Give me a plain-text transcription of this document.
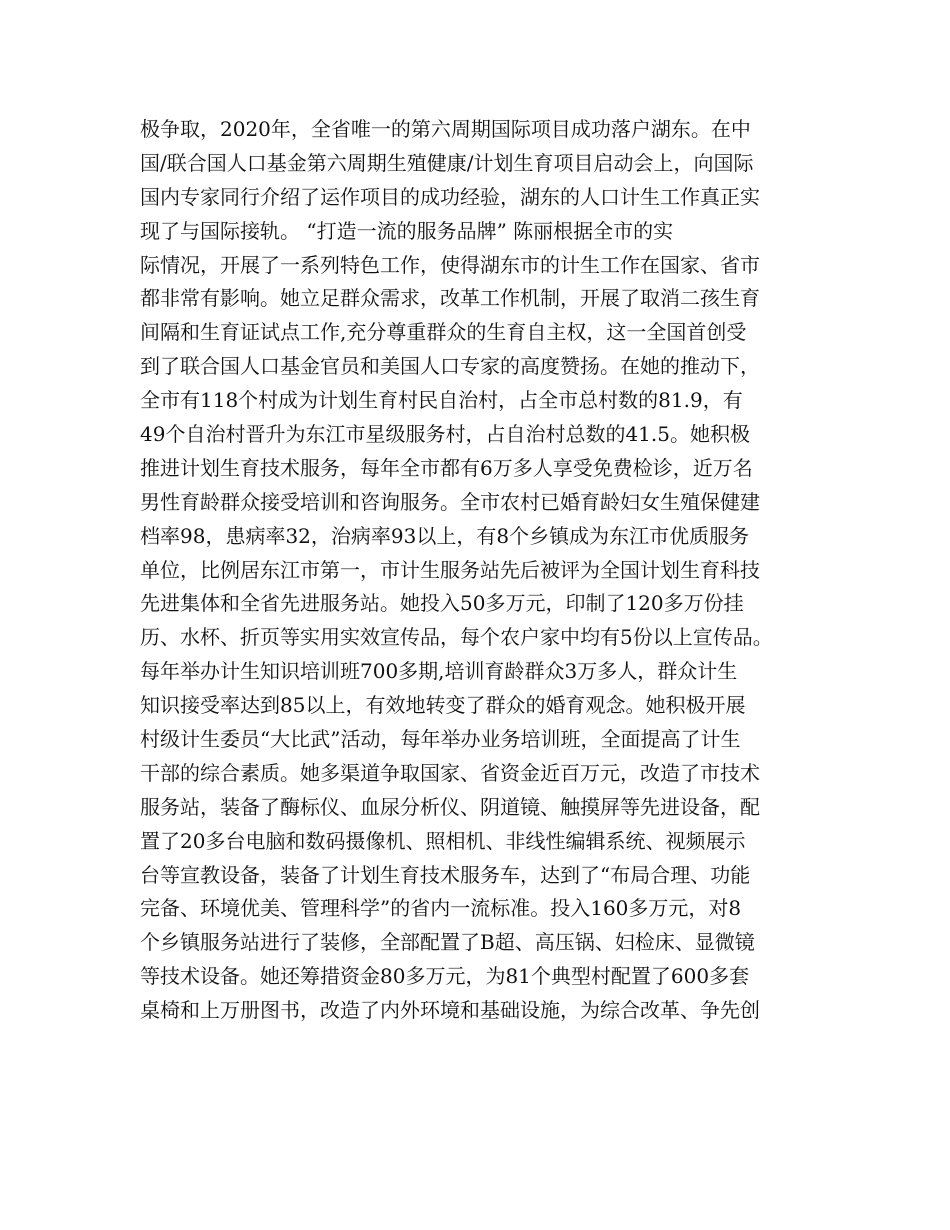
极争取，2020年，全省唯一的第六周期国际项目成功落户湖东。在中
国/联合国人口基金第六周期生殖健康/计划生育项目启动会上，向国际
国内专家同行介绍了运作项目的成功经验，湖东的人口计生工作真正实
现了与国际接轨。 “打造一流的服务品牌” 陈丽根据全市的实
际情况，开展了一系列特色工作，使得湖东市的计生工作在国家、省市
都非常有影响。她立足群众需求，改革工作机制，开展了取消二孩生育
间隔和生育证试点工作,充分尊重群众的生育自主权，这一全国首创受
到了联合国人口基金官员和美国人口专家的高度赞扬。在她的推动下，
全市有118个村成为计划生育村民自治村，占全市总村数的81.9，有
49个自治村晋升为东江市星级服务村，占自治村总数的41.5。她积极
推进计划生育技术服务，每年全市都有6万多人享受免费检诊，近万名
男性育龄群众接受培训和咨询服务。全市农村已婚育龄妇女生殖保健建
档率98，患病率32，治病率93以上，有8个乡镇成为东江市优质服务
单位，比例居东江市第一，市计生服务站先后被评为全国计划生育科技
先进集体和全省先进服务站。她投入50多万元，印制了120多万份挂
历、水杯、折页等实用实效宣传品，每个农户家中均有5份以上宣传品。
每年举办计生知识培训班700多期,培训育龄群众3万多人，群众计生
知识接受率达到85以上，有效地转变了群众的婚育观念。她积极开展
村级计生委员“大比武”活动，每年举办业务培训班，全面提高了计生
干部的综合素质。她多渠道争取国家、省资金近百万元，改造了市技术
服务站，装备了酶标仪、血尿分析仪、阴道镜、触摸屏等先进设备，配
置了20多台电脑和数码摄像机、照相机、非线性编辑系统、视频展示
台等宣教设备，装备了计划生育技术服务车，达到了“布局合理、功能
完备、环境优美、管理科学”的省内一流标准。投入160多万元，对8
个乡镇服务站进行了装修，全部配置了B超、高压锅、妇检床、显微镜
等技术设备。她还筹措资金80多万元，为81个典型村配置了600多套
桌椅和上万册图书，改造了内外环境和基础设施，为综合改革、争先创
